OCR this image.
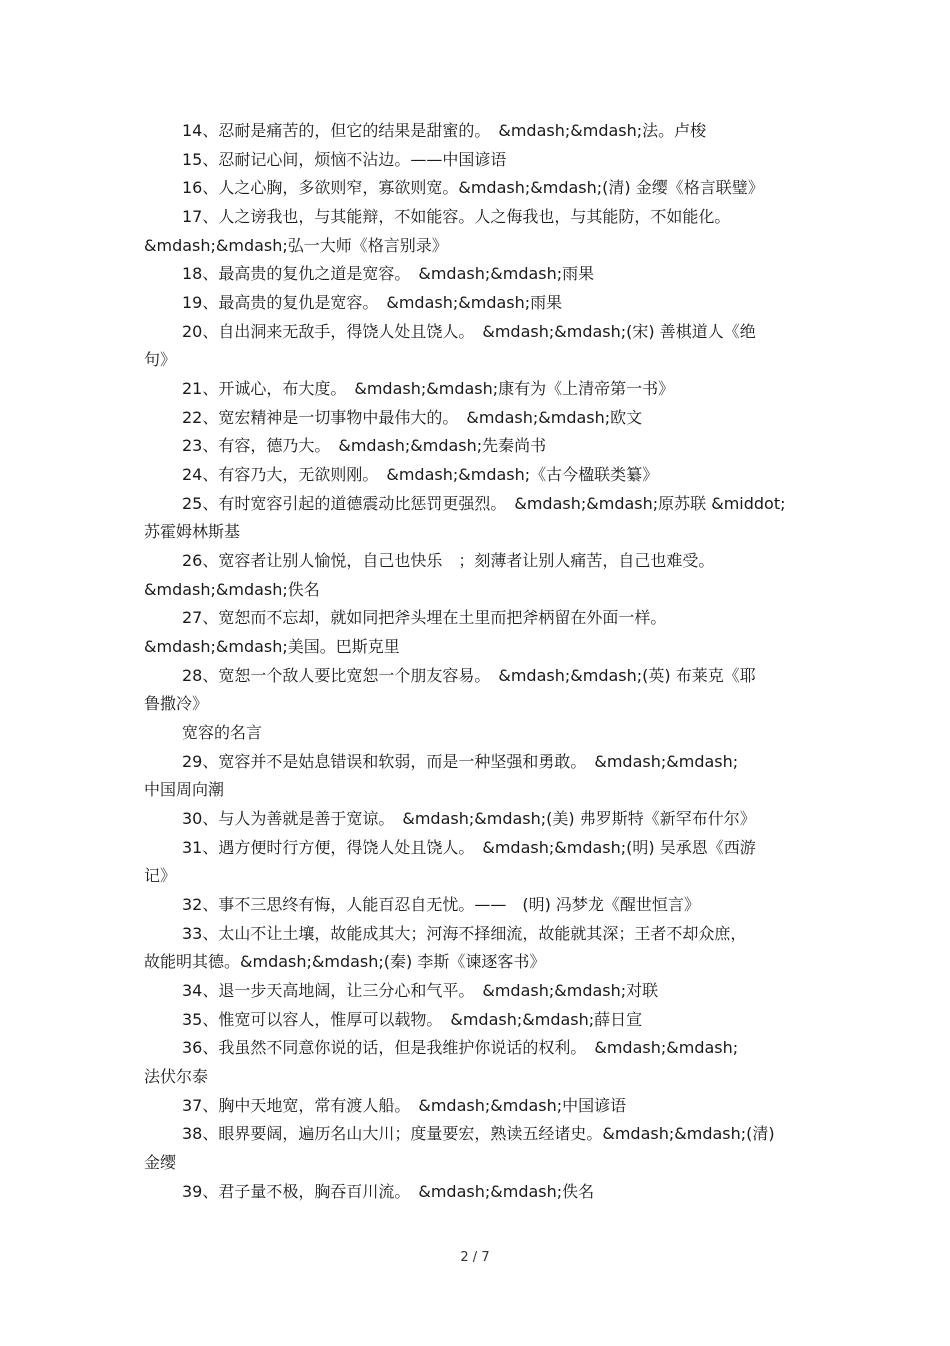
14、忍耐是痛苦的，但它的结果是甜蜜的。　&mdash;&mdash;法。卢梭
15、忍耐记心间，烦恼不沾边。——中国谚语
16、人之心胸，多欲则窄，寡欲则宽。&mdash;&mdash;(清) 金缨《格言联璧》
17、人之谤我也，与其能辩，不如能容。人之侮我也，与其能防，不如能化。
&mdash;&mdash;弘一大师《格言别录》
18、最高贵的复仇之道是宽容。　&mdash;&mdash;雨果
19、最高贵的复仇是宽容。　&mdash;&mdash;雨果
20、自出洞来无敌手，得饶人处且饶人。　&mdash;&mdash;(宋) 善棋道人《绝
句》
21、开诚心，布大度。　&mdash;&mdash;康有为《上清帝第一书》
22、宽宏精神是一切事物中最伟大的。　&mdash;&mdash;欧文
23、有容，德乃大。　&mdash;&mdash;先秦尚书
24、有容乃大，无欲则刚。　&mdash;&mdash;《古今楹联类纂》
25、有时宽容引起的道德震动比惩罚更强烈。　&mdash;&mdash;原苏联 &middot;
苏霍姆林斯基
26、宽容者让别人愉悦，自己也快乐　；刻薄者让别人痛苦，自己也难受。
&mdash;&mdash;佚名
27、宽恕而不忘却，就如同把斧头埋在土里而把斧柄留在外面一样。
&mdash;&mdash;美国。巴斯克里
28、宽恕一个敌人要比宽恕一个朋友容易。　&mdash;&mdash;(英) 布莱克《耶
鲁撒冷》
宽容的名言
29、宽容并不是姑息错误和软弱，而是一种坚强和勇敢。　&mdash;&mdash;
中国周向潮
30、与人为善就是善于宽谅。　&mdash;&mdash;(美) 弗罗斯特《新罕布什尔》
31、遇方便时行方便，得饶人处且饶人。　&mdash;&mdash;(明) 吴承恩《西游
记》
32、事不三思终有悔，人能百忍自无忧。——　(明) 冯梦龙《醒世恒言》
33、太山不让土壤，故能成其大；河海不择细流，故能就其深；王者不却众庶，
故能明其德。&mdash;&mdash;(秦) 李斯《谏逐客书》
34、退一步天高地阔，让三分心和气平。　&mdash;&mdash;对联
35、惟宽可以容人，惟厚可以载物。　&mdash;&mdash;薛日宣
36、我虽然不同意你说的话，但是我维护你说话的权利。　&mdash;&mdash;
法伏尔泰
37、胸中天地宽，常有渡人船。　&mdash;&mdash;中国谚语
38、眼界要阔，遍历名山大川；度量要宏，熟读五经诸史。&mdash;&mdash;(清)
金缨
39、君子量不极，胸吞百川流。　&mdash;&mdash;佚名
2 / 7
